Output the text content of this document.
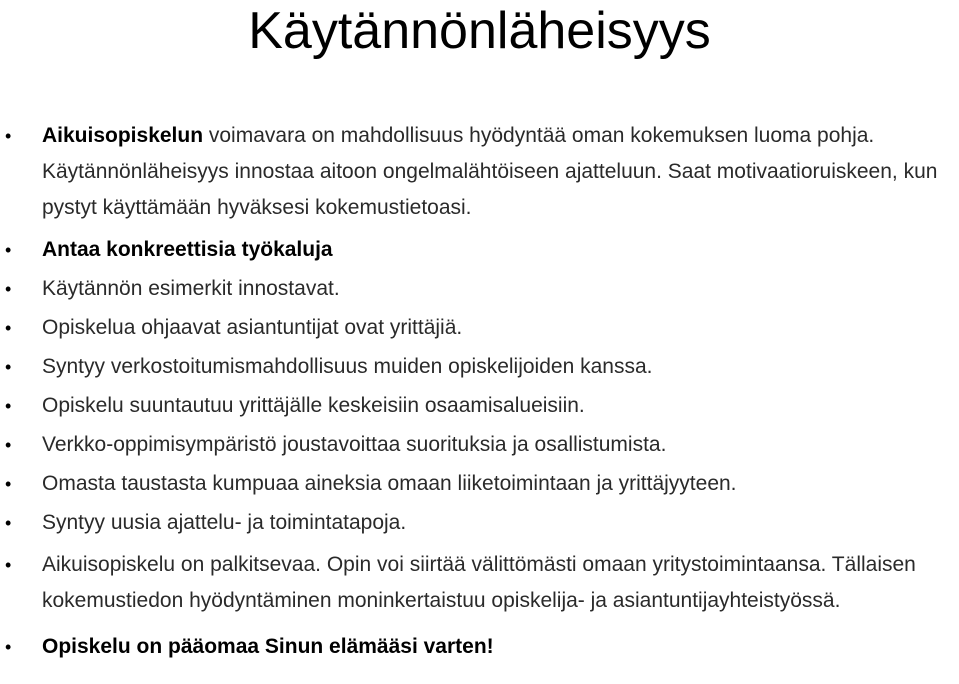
Käytännönläheisyys
• Aikuisopiskelun voimavara on mahdollisuus hyödyntää oman kokemuksen luoma pohja. Käytännönläheisyys innostaa aitoon ongelmalähtöiseen ajatteluun. Saat motivaatioruiskeen, kun pystyt käyttämään hyväksesi kokemustietoasi.
• Antaa konkreettisia työkaluja
• Käytännön esimerkit innostavat.
• Opiskelua ohjaavat asiantuntijat ovat yrittäjiä.
• Syntyy verkostoitumismahdollisuus muiden opiskelijoiden kanssa.
• Opiskelu suuntautuu yrittäjälle keskeisiin osaamisalueisiin.
• Verkko-oppimisympäristö joustavoittaa suorituksia ja osallistumista.
• Omasta taustasta kumpuaa aineksia omaan liiketoimintaan ja yrittäjyyteen.
• Syntyy uusia ajattelu- ja toimintatapoja.
• Aikuisopiskelu on palkitsevaa. Opin voi siirtää välittömästi omaan yritystoimintaansa. Tällaisen kokemustiedon hyödyntäminen moninkertaistuu opiskelija- ja asiantuntijayhteistyössä.
• Opiskelu on pääomaa Sinun elämääsi varten!
